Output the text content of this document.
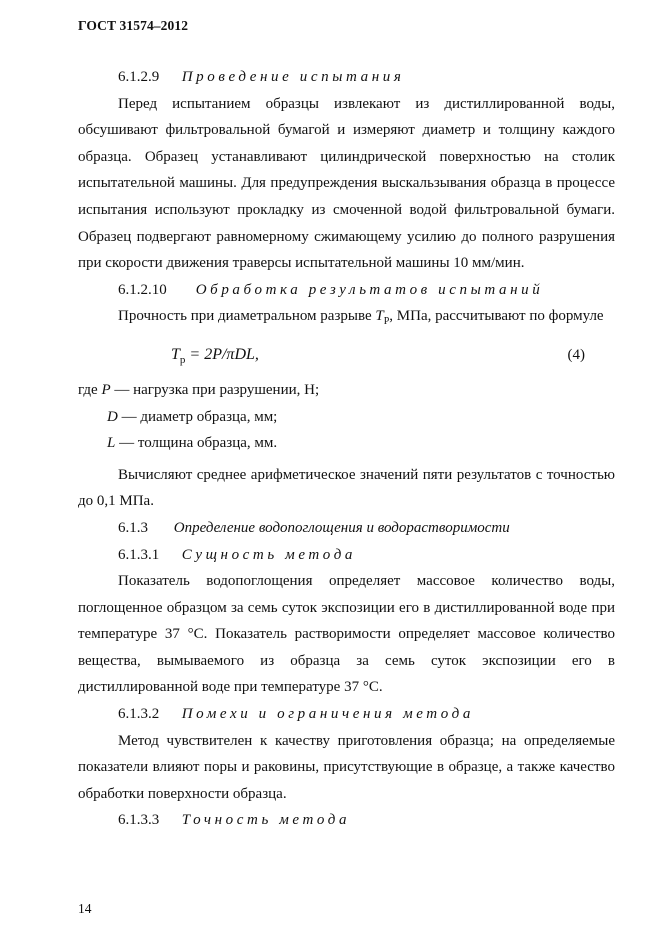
ГОСТ 31574–2012

6.1.2.9 Проведение испытания

Перед испытанием образцы извлекают из дистиллированной воды, обсушивают фильтровальной бумагой и измеряют диаметр и толщину каждого образца. Образец устанавливают цилиндрической поверхностью на столик испытательной машины. Для предупреждения выскальзывания образца в процессе испытания используют прокладку из смоченной водой фильтровальной бумаги. Образец подвергают равномерному сжимающему усилию до полного разрушения при скорости движения траверсы испытательной машины 10 мм/мин.

6.1.2.10 Обработка результатов испытаний

Прочность при диаметральном разрыве $T_Р$, МПа, рассчитывают по формуле

$T_р = 2P/\pi DL$,	(4)

где P — нагрузка при разрушении, Н;

D — диаметр образца, мм;

L — толщина образца, мм.

Вычисляют среднее арифметическое значений пяти результатов с точностью до 0,1 МПа.

6.1.3 Определение водопоглощения и водорастворимости

6.1.3.1 Сущность метода

Показатель водопоглощения определяет массовое количество воды, поглощенное образцом за семь суток экспозиции его в дистиллированной воде при температуре 37 °С. Показатель растворимости определяет массовое количество вещества, вымываемого из образца за семь суток экспозиции его в дистиллированной воде при температуре 37 °С.

6.1.3.2 Помехи и ограничения метода

Метод чувствителен к качеству приготовления образца; на определяемые показатели влияют поры и раковины, присутствующие в образце, а также качество обработки поверхности образца.

6.1.3.3 Точность метода

14
